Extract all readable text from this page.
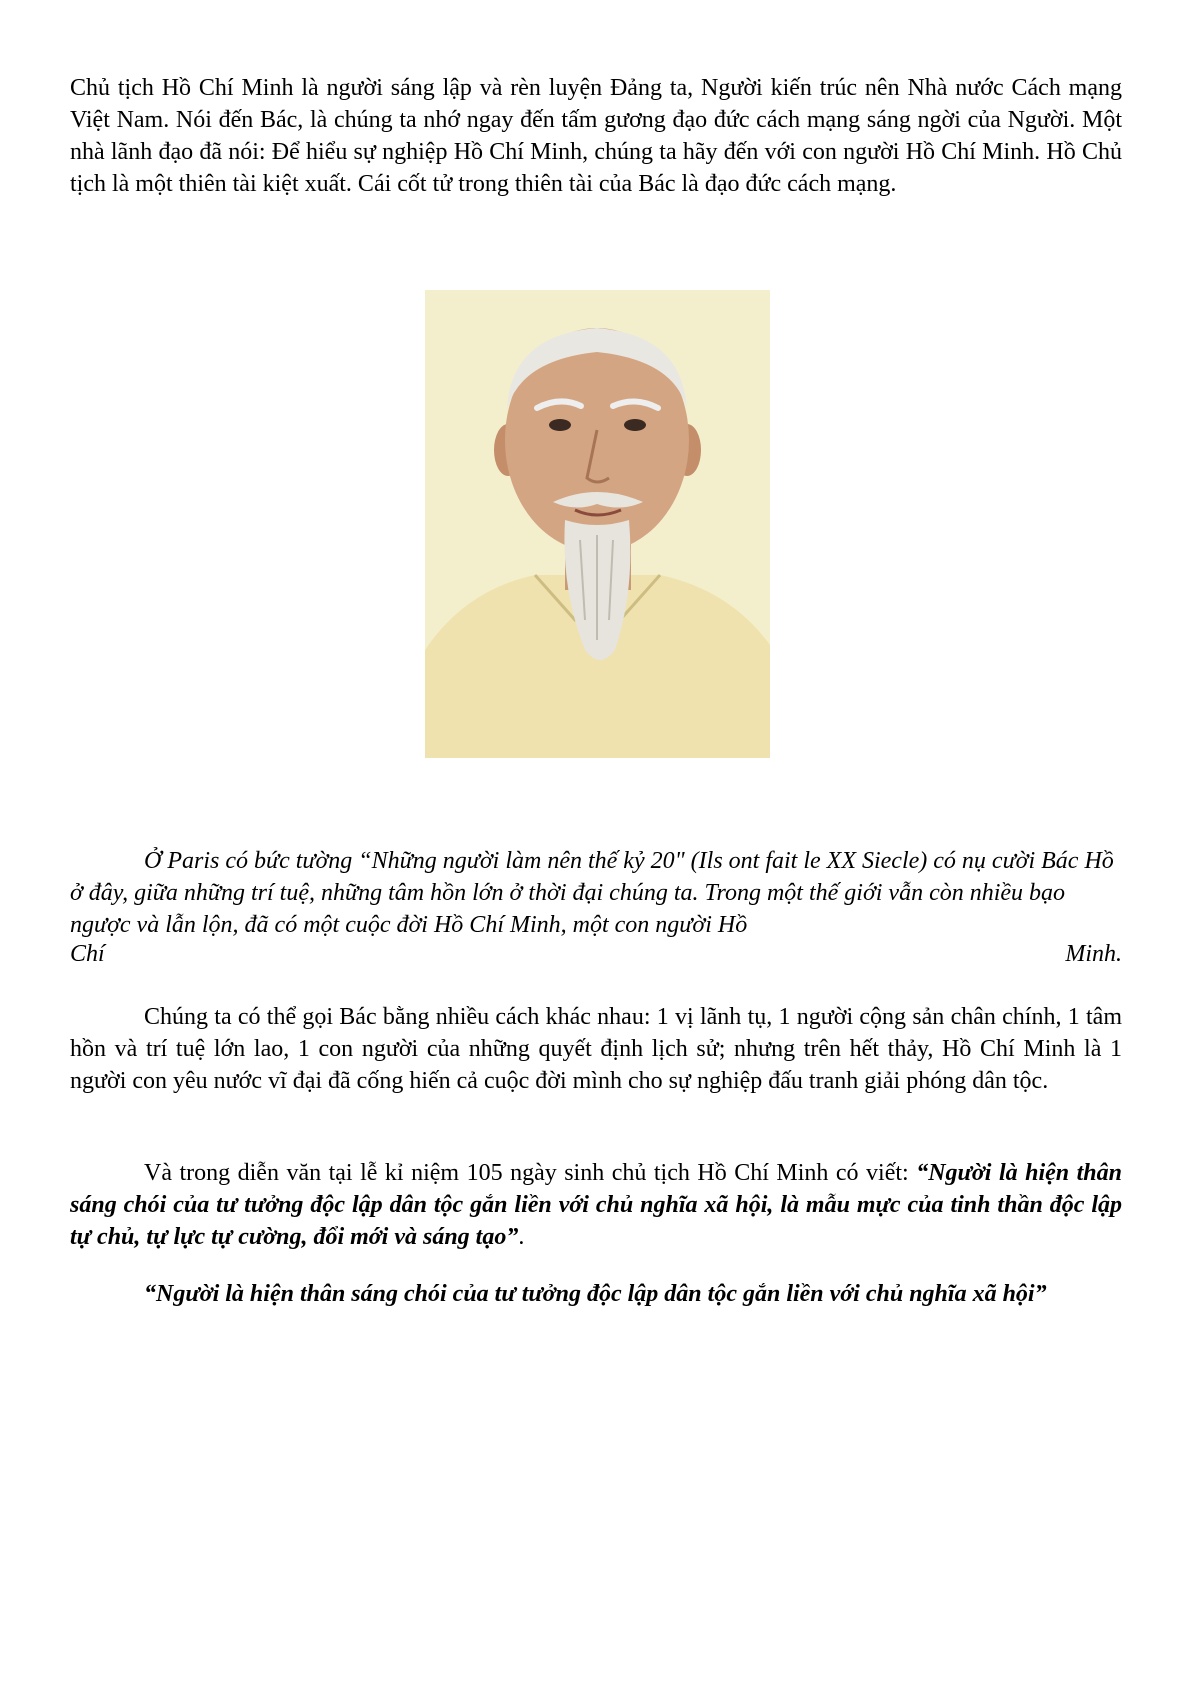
Chủ tịch Hồ Chí Minh là người sáng lập và rèn luyện Đảng ta, Người kiến trúc nên Nhà nước Cách mạng Việt Nam. Nói đến Bác, là chúng ta nhớ ngay đến tấm gương đạo đức cách mạng sáng ngời của Người. Một nhà lãnh đạo đã nói: Để hiểu sự nghiệp Hồ Chí Minh, chúng ta hãy đến với con người Hồ Chí Minh. Hồ Chủ tịch là một thiên tài kiệt xuất. Cái cốt tử trong thiên tài của Bác là đạo đức cách mạng.

Ở Paris có bức tường “Những người làm nên thế kỷ 20" (Ils ont fait le XX Siecle) có nụ cười Bác Hồ ở đây, giữa những trí tuệ, những tâm hồn lớn ở thời đại chúng ta. Trong một thế giới vẫn còn nhiều bạo ngược và lẫn lộn, đã có một cuộc đời Hồ Chí Minh, một con người Hồ

Chí	Minh.

Chúng ta có thể gọi Bác bằng nhiều cách khác nhau: 1 vị lãnh tụ, 1 người cộng sản chân chính, 1 tâm hồn và trí tuệ lớn lao, 1 con người của những quyết định lịch sử; nhưng trên hết thảy, Hồ Chí Minh là 1 người con yêu nước vĩ đại đã cống hiến cả cuộc đời mình cho sự nghiệp đấu tranh giải phóng dân tộc.

Và trong diễn văn tại lễ kỉ niệm 105 ngày sinh chủ tịch Hồ Chí Minh có viết: “Người là hiện thân sáng chói của tư tưởng độc lập dân tộc gắn liền với chủ nghĩa xã hội, là mẫu mực của tinh thần độc lập tự chủ, tự lực tự cường, đổi mới và sáng tạo”.

“Người là hiện thân sáng chói của tư tưởng độc lập dân tộc gắn liền với chủ nghĩa xã hội”
